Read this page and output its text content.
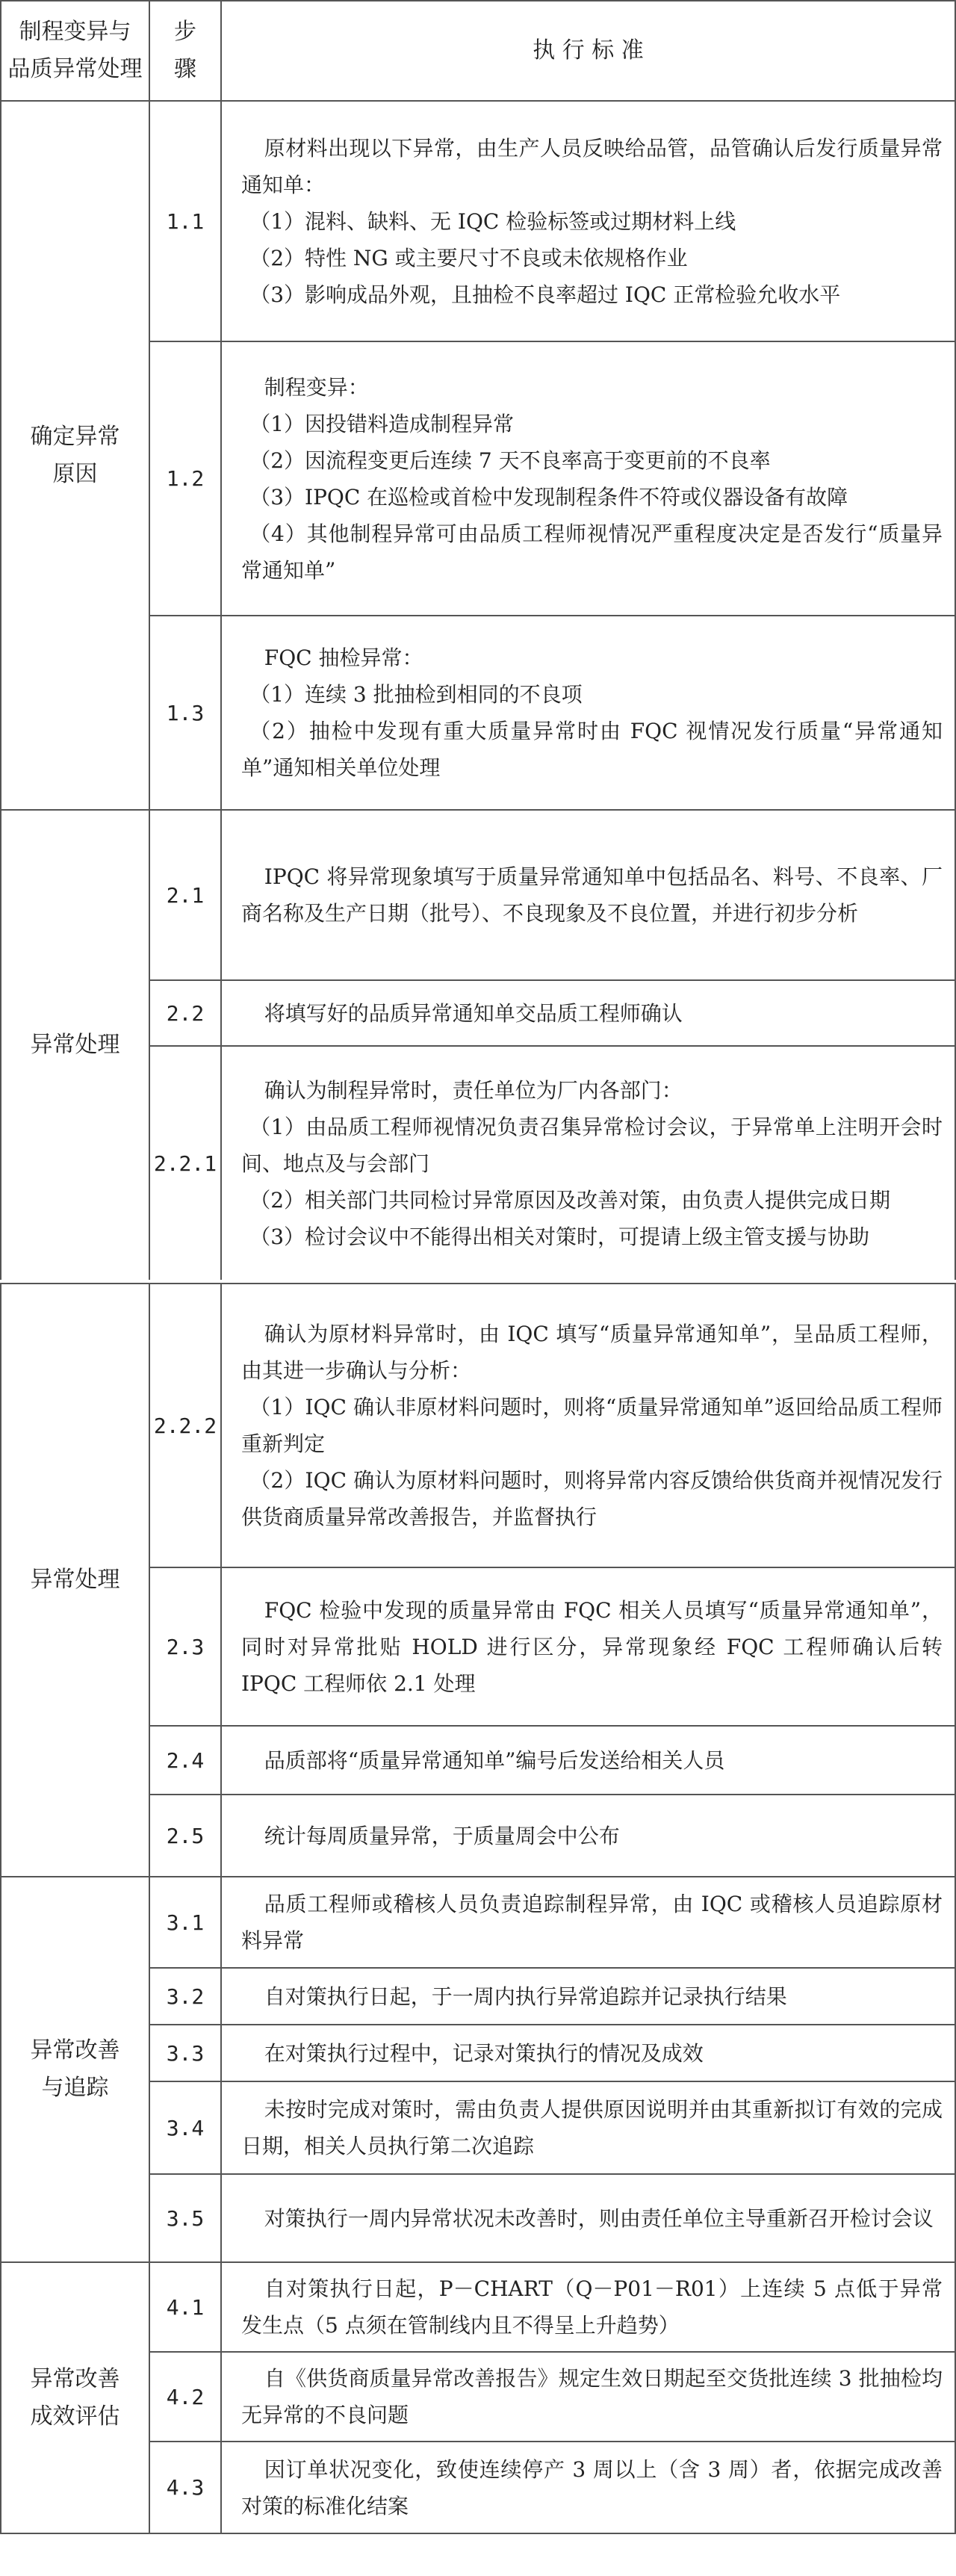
制程变异与
品质异常处理	步
骤	执 行 标 准
确定异常
原因	1.1	原材料出现以下异常，由生产人员反映给品管，品管确认后发行质量异常通知单：
（1）混料、缺料、无 IQC 检验标签或过期材料上线
（2）特性 NG 或主要尺寸不良或未依规格作业
（3）影响成品外观，且抽检不良率超过 IQC 正常检验允收水平

	1.2	制程变异：
（1）因投错料造成制程异常
（2）因流程变更后连续 7 天不良率高于变更前的不良率
（3）IPQC 在巡检或首检中发现制程条件不符或仪器设备有故障
（4）其他制程异常可由品质工程师视情况严重程度决定是否发行“质量异常通知单”

	1.3	FQC 抽检异常：
（1）连续 3 批抽检到相同的不良项
（2）抽检中发现有重大质量异常时由 FQC 视情况发行质量“异常通知单”通知相关单位处理

异常处理	2.1	IPQC 将异常现象填写于质量异常通知单中包括品名、料号、不良率、厂商名称及生产日期（批号）、不良现象及不良位置，并进行初步分析

	2.2	将填写好的品质异常通知单交品质工程师确认

	2.2.1	确认为制程异常时，责任单位为厂内各部门：
（1）由品质工程师视情况负责召集异常检讨会议，于异常单上注明开会时间、地点及与会部门
（2）相关部门共同检讨异常原因及改善对策，由负责人提供完成日期
（3）检讨会议中不能得出相关对策时，可提请上级主管支援与协助
异常处理	2.2.2	确认为原材料异常时，由 IQC 填写“质量异常通知单”，呈品质工程师，由其进一步确认与分析：
（1）IQC 确认非原材料问题时，则将“质量异常通知单”返回给品质工程师重新判定
（2）IQC 确认为原材料问题时，则将异常内容反馈给供货商并视情况发行供货商质量异常改善报告，并监督执行

	2.3	FQC 检验中发现的质量异常由 FQC 相关人员填写“质量异常通知单”，同时对异常批贴 HOLD 进行区分，异常现象经 FQC 工程师确认后转 IPQC 工程师依 2.1 处理

	2.4	品质部将“质量异常通知单”编号后发送给相关人员

	2.5	统计每周质量异常，于质量周会中公布

异常改善
与追踪	3.1	品质工程师或稽核人员负责追踪制程异常，由 IQC 或稽核人员追踪原材料异常

	3.2	自对策执行日起，于一周内执行异常追踪并记录执行结果

	3.3	在对策执行过程中，记录对策执行的情况及成效

	3.4	未按时完成对策时，需由负责人提供原因说明并由其重新拟订有效的完成日期，相关人员执行第二次追踪

	3.5	对策执行一周内异常状况未改善时，则由责任单位主导重新召开检讨会议

异常改善
成效评估	4.1	自对策执行日起，P－CHART（Q－P01－R01）上连续 5 点低于异常发生点（5 点须在管制线内且不得呈上升趋势）

	4.2	自《供货商质量异常改善报告》规定生效日期起至交货批连续 3 批抽检均无异常的不良问题

	4.3	因订单状况变化，致使连续停产 3 周以上（含 3 周）者，依据完成改善对策的标准化结案
